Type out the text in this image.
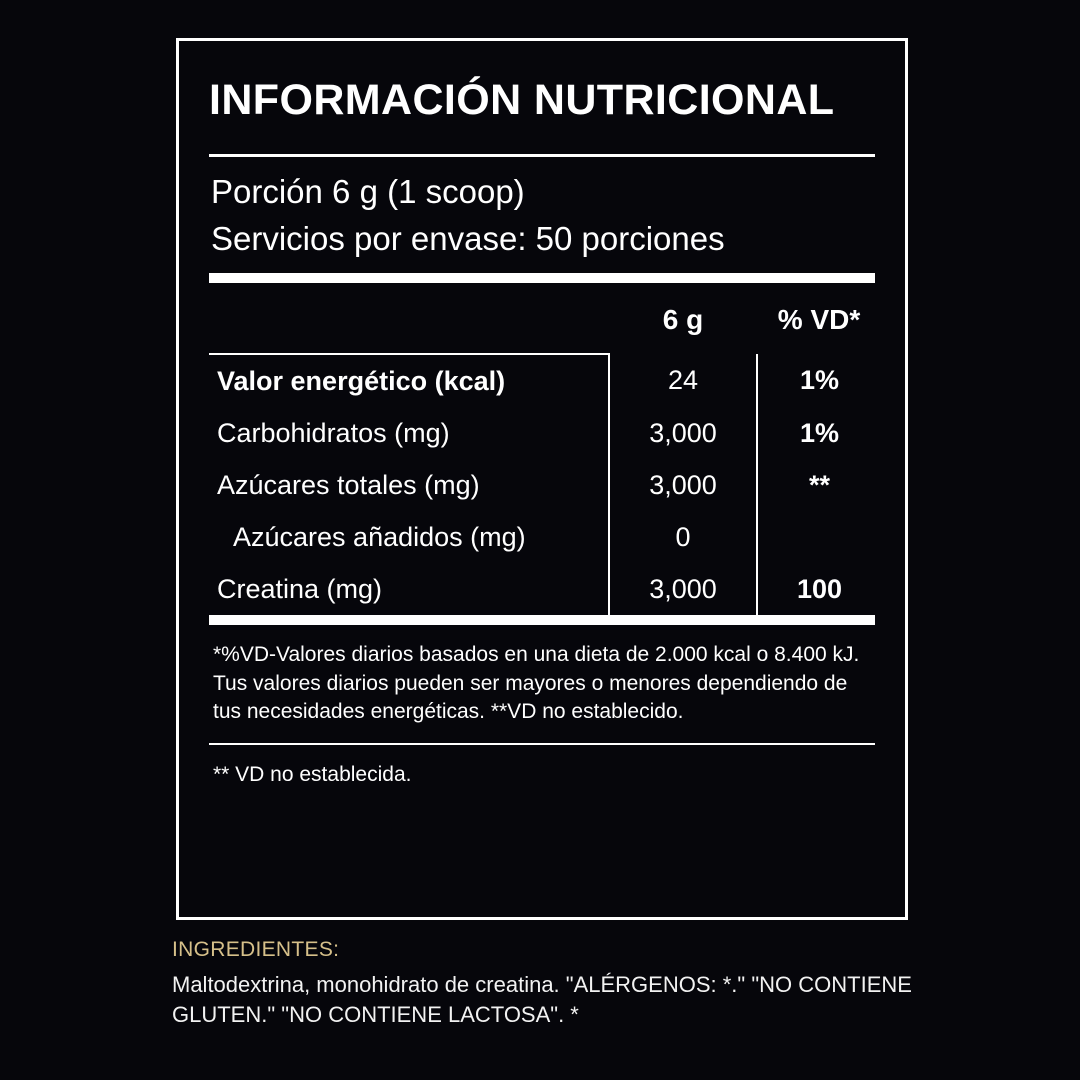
INFORMACIÓN NUTRICIONAL
Porción 6 g (1 scoop)
Servicios por envase: 50 porciones
	6 g	% VD*
Valor energético (kcal)	24	1%
Carbohidratos (mg)	3,000	1%
Azúcares totales (mg)	3,000	**
Azúcares añadidos (mg)	0	
Creatina (mg)	3,000	100
*%VD-Valores diarios basados en una dieta de 2.000 kcal o 8.400 kJ. Tus valores diarios pueden ser mayores o menores dependiendo de tus necesidades energéticas. **VD no establecido.
** VD no establecida.
INGREDIENTES:
Maltodextrina, monohidrato de creatina. "ALÉRGENOS: *." "NO CONTIENE GLUTEN." "NO CONTIENE LACTOSA". *
